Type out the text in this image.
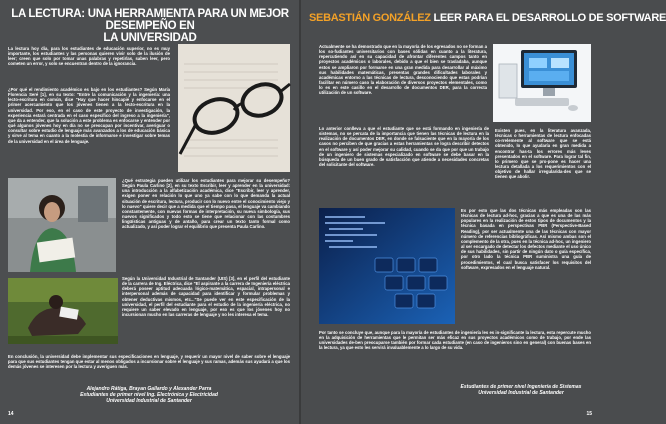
LA LECTURA: UNA HERRAMIENTA PARA UN MEJOR DESEMPEÑO EN
LA UNIVERSIDAD

La lectura hoy día, para los estudiantes de educación superior, no es muy importante, los estudiantes y las personas quieren vivir solo de la ilusión de leer; creen que solo por tomar unas palabras y repetirlas, saben leer, pero cometen un error, y solo se encuentran dentro de la ignorancia.

¿Por qué el rendimiento académico es bajo en los estudiantes? Según María Florencia Seré [1], en su texto: "Entre la comunicación y la ingeniería: una lecto-escritura en común, dice "Hay que hacer hincapié y enfocarse en el primer acercamiento que los jóvenes tienen a la lecto-escritura en la universidad. Por eso, en el caso de este proyecto de investigación, la experiencia estará centrada en el caso específico del ingreso a la ingeniería", que da a entender, que la solución a este problema es enfocarse y entender por qué algunos jóvenes hoy en día no se preocupan por incentivar, averiguar o consultar sobre estudio de lenguaje más avanzados a los de educación básica y sirve al tema en cuanto a la molestia de informarse e investigar sobre temas de la universidad en el área de lenguaje.

¿Qué estrategia pueden utilizar los estudiantes para mejorar su desempeño? Según Paula Carlino [2], en su texto Escribir, leer y aprender en la universidad: una introducción a la alfabetización académica, dice "Escribir, leer y aprender, exigen poner en relación lo que uno ya sabe con lo que demanda la actual situación de escritura, lectura, producir con lo nuevo entre el conocimiento viejo y lo nuevo" quiere decir que a medida que el tiempo pasa, el lenguaje va cambiando constantemente, con nuevas formas de interpretación, su nueva simbología, sus nuevos significados y todo esto se tiene que relacionar con las costumbres lingüísticas antiguas y de antaño, para crear un texto tanto formal como actualizado, y así poder lograr el equilibrio que presenta Paula Carlino.

Según la Universidad Industrial de Santander (UIS) [3], en el perfil del estudiante de la carrera de Ing. Eléctrica, dice "El aspirante a la carrera de Ingeniería eléctrica deberá poseer aptitud adecuada lógico-matemática, espacial, intrapersonal e interpersonal además de capacidad para identificar y formular problemas y obtener deductivas mismos, etc..."Se puede ver en este especificación de la universidad, el perfil del estudiante para el estudio de la ingeniería eléctrica, no requiere un saber elevado en lenguaje, por eso es que los jóvenes hoy no incursionan mucho en las carreras de lenguaje y no les interesa el tema.

En conclusión, la universidad debe implementar sus especificaciones en lenguaje, y requerir un mayor nivel de saber sobre el lenguaje para que sus estudiantes tengan que estar al menos obligados a incursionar sobre el lenguaje y sus ramas, además sus ayudará a que los demás jóvenes se interesen por la lectura y averiguen más.

Alejandro Rátiga, Brayan Gallardo y Alexander Parra
Estudiantes de primer nivel Ing. Electrónica y Electricidad
Universidad Industrial de Santander
14
SEBASTIÁN GONZÁLEZ LEER PARA EL DESARROLLO DE SOFTWARE

Actualmente se ha demostrado que en la mayoría de los egresados no se forman a los so-fudiantes universitarios con bases sólidas en cuanto a la literatura, repercutiendo así en su capacidad de afrontar diferentes campos tanto en proyectos académicos o laborales, debido a que el bien se trasladaba, aunque estos se ampliaron por formarse en una gran medida para desarrollar al máximo sus habilidades matemáticas, presentas grandes dificultades laborales y académicas entorno a las técnicas de lectura, desconociendo que estas podrían facilitar en número caso la elaboración de diversos proyectos elementales, como lo es en este casillo en el desarrollo de documentos DER, para la correcta utilización de un software.

Lo anterior conlleva a que el estudiante que se está formando en ingeniería de sistemas, no se percata de la importancia que tienen las técnicas de lectura en la realización de documentos DER, en donde se falsaciente que en la mayoría de los casos no perciben de que gracias a estas herramientas se logra describir detectos en el software y así poder mejorar su calidad, cuando se da que por que un trabajo de un ingeniero de sistemas especializado en software se debe basar en la búsqueda de un buen grado de satisfacción que atiende a necesidades concretas del solicitante del software.

Existen pues, en la literatura avanzada, técnicas o herramientas de lectura enfocadas co-rrelemente al software que se está obtenido, lo que ayudaría en gran medida a encontrar has-ta los errores más leves presentados en el software. Para lograr tal fin, lo primero que se pro-pone es hacer una lectura detallada a los requerimientos con el objetivo de hallar irregularida-des que se tienen que abolir.

Es por esto que las dos técnicas más empleadas son las técnicas de lectura ad-hoc, gracias a que es una de las más populares en la realización de estos tipos de documentos y la técnica basada en perspectivas PBR (Perspective-Based Reading), por ser actualmente una de las técnicas con mayor número de referencias bibliográficas. Así mismo ambas son el complemento de la otra, pues en la técnica ad-hoc, un ingeniero al ser encargado de detectar los defectos mediante el uso único de sus habilidades, sin partir de ningún dato o guía específica, por otro lado la técnica PBR suministra una guía de procedimientos, el cual busca satisfacer los requisitos del software, expresados en el lenguaje natural.

Por tanto se concluye que, aunque para la mayoría de estudiantes de ingeniería les es in-significante la lectura, esta repercute mucho en la adquisición de herramientas que le permitan ser más eficaz en sus proyectos académicos como de trabajo, por ende las universidades de-ben preocuparse también por formar cada estudiante (en caso de ingenieros sino en general) con buenas bases en la lectura, ya que esto les servirá invaluablemente a lo largo de su vida.

Estudiantes de primer nivel Ingeniería de Sistemas
Universidad Industrial de Santander
15
